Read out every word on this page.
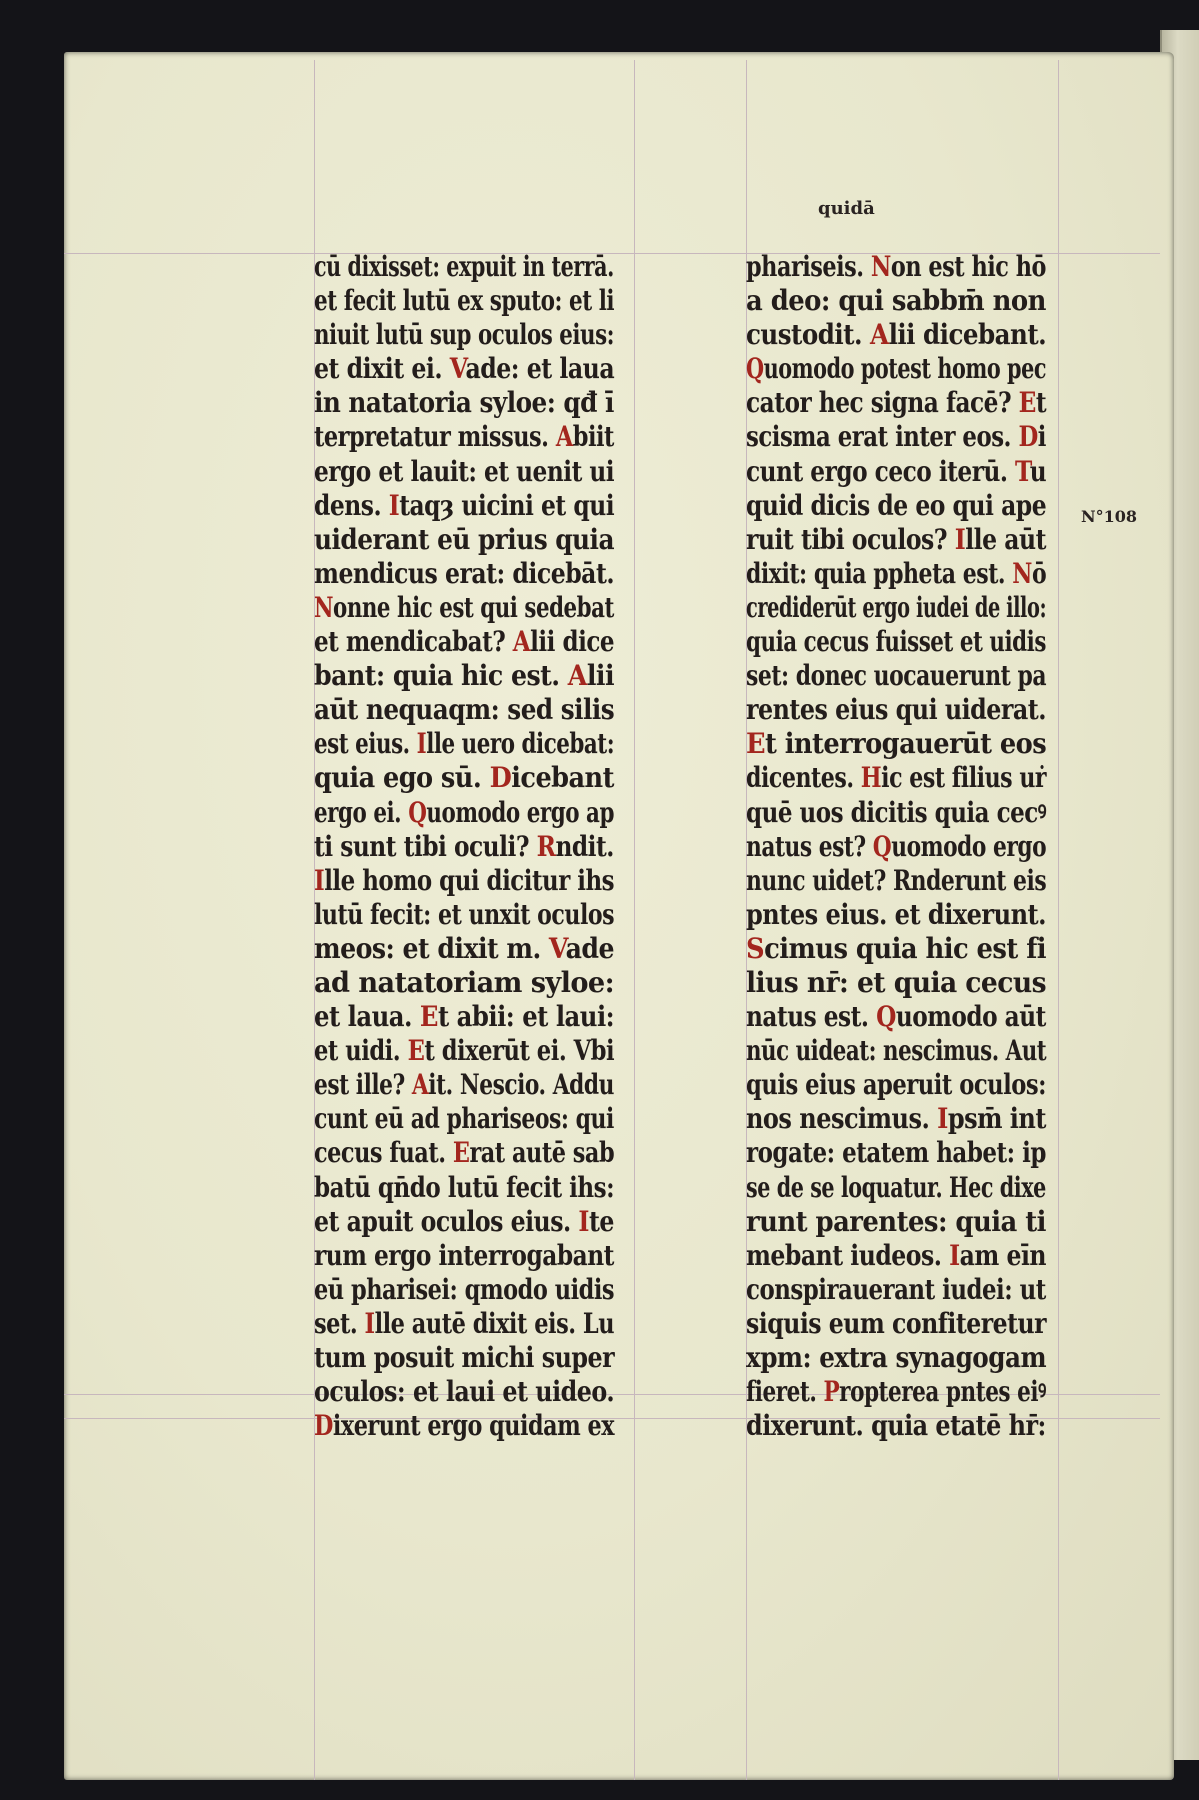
quidā
N°108
cū dixisset: expuit in terrā.
et fecit lutū ex sputo: et li
niuit lutū sup oculos eius:
et dixit ei. Vade: et laua
in natatoria syloe: qđ ī
terpretatur missus. Abiit
ergo et lauit: et uenit ui
dens. Itaqȝ uicini et qui
uiderant eū prius quia
mendicus erat: dicebāt.
Nonne hic est qui sedebat
et mendicabat? Alii dice
bant: quia hic est. Alii
aūt nequaqm: sed silis
est eius. Ille uero dicebat:
quia ego sū. Dicebant
ergo ei. Quomodo ergo ap
ti sunt tibi oculi? Rndit.
Ille homo qui dicitur ihs
lutū fecit: et unxit oculos
meos: et dixit m. Vade
ad natatoriam syloe:
et laua. Et abii: et laui:
et uidi. Et dixerūt ei. Vbi
est ille? Ait. Nescio. Addu
cunt eū ad phariseos: qui
cecus fuat. Erat autē sab
batū qn̄do lutū fecit ihs:
et apuit oculos eius. Ite
rum ergo interrogabant
eū pharisei: qmodo uidis
set. Ille autē dixit eis. Lu
tum posuit michi super
oculos: et laui et uideo.
Dixerunt ergo quidam ex
phariseis. Non est hic hō
a deo: qui sabbm̄ non
custodit. Alii dicebant.
Quomodo potest homo pec
cator hec signa facē? Et
scisma erat inter eos. Di
cunt ergo ceco iterū. Tu
quid dicis de eo qui ape
ruit tibi oculos? Ille aūt
dixit: quia ppheta est. Nō
crediderūt ergo iudei de illo:
quia cecus fuisset et uidis
set: donec uocauerunt pa
rentes eius qui uiderat.
Et interrogauerūt eos
dicentes. Hic est filius uṙ
quē uos dicitis quia cecꝰ
natus est? Quomodo ergo
nunc uidet? Rnderunt eis
pntes eius. et dixerunt.
Scimus quia hic est fi
lius nr̄: et quia cecus
natus est. Quomodo aūt
nūc uideat: nescimus. Aut
quis eius aperuit oculos:
nos nescimus. Ipsm̄ int
rogate: etatem habet: ip
se de se loquatur. Hec dixe
runt parentes: quia ti
mebant iudeos. Iam eīn
conspirauerant iudei: ut
siquis eum confiteretur
xpm: extra synagogam
fieret. Propterea pntes eiꝰ
dixerunt. quia etatē hr̄:
